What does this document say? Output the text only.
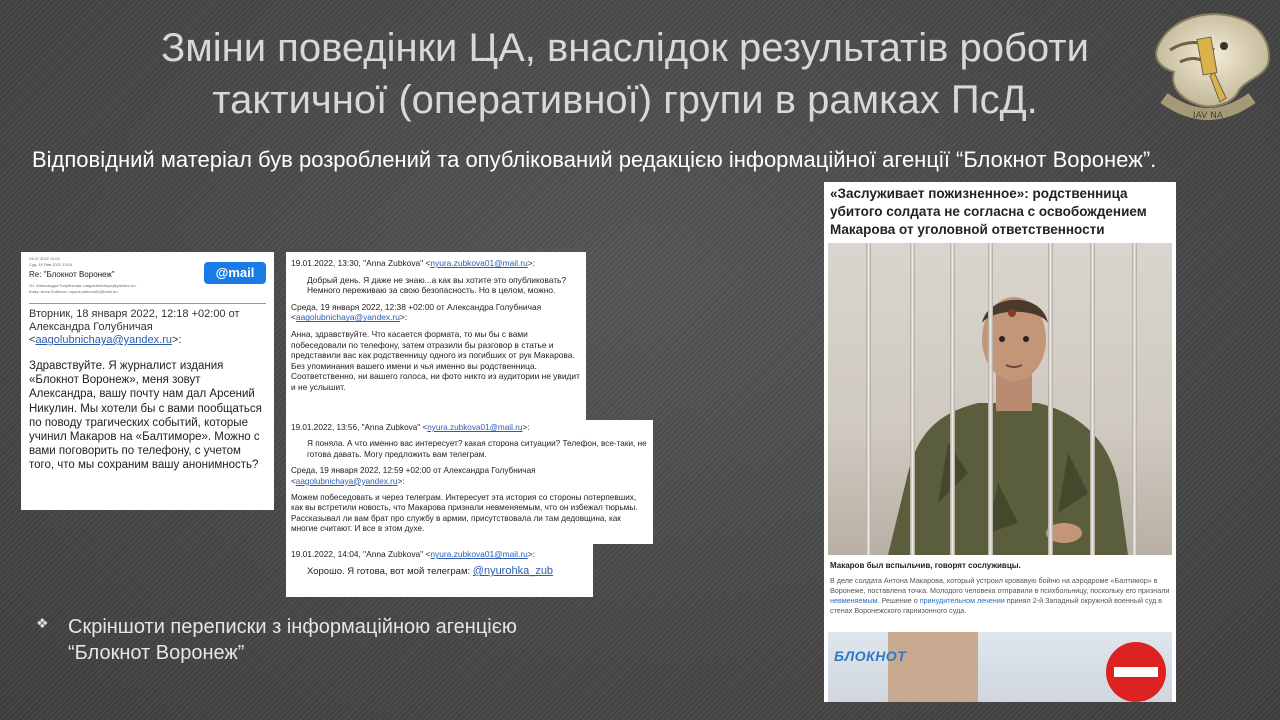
Зміни поведінки ЦА, внаслідок результатів роботи тактичної (оперативної) групи в рамках ПсД.	IAV NA
Відповідний матеріал був розроблений та опублікований редакцією інформаційної агенції “Блокнот Воронеж”.
24.07.2022 11:02
Суд, 19 Янв 2022 13:14
Re: "Блокнот Воронеж"
От: Александра Голубничая <aagolubnichaya@yandex.ru>
Кому: Anna Zubkova <nyura.zubkova01@mail.ru>
@mail
Вторник, 18 января 2022, 12:18 +02:00 от Александра Голубничая
<aagolubnichaya@yandex.ru>:
Здравствуйте. Я журналист издания «Блокнот Воронеж», меня зовут Александра, вашу почту нам дал Арсений Никулин. Мы хотели бы с вами пообщаться по поводу трагических событий, которые учинил Макаров на «Балтиморе». Можно с вами поговорить по телефону, с учетом того, что мы сохраним вашу анонимность?
19.01.2022, 13:30, "Anna Zubkova" <nyura.zubkova01@mail.ru>:
Добрый день. Я даже не знаю...а как вы хотите это опубликовать? Немного переживаю за свою безопасность. Но в целом, можно.
Среда, 19 января 2022, 12:38 +02:00 от Александра Голубничая
<aagolubnichaya@yandex.ru>:
Анна, здравствуйте. Что касается формата, то мы бы с вами побеседовали по телефону, затем отразили бы разговор в статье и представили вас как родственницу одного из погибших от рук Макарова. Без упоминания вашего имени и чья именно вы родственница. Соответственно, ни вашего голоса, ни фото никто из аудитории не увидит и не услышит.
19.01.2022, 13:56, "Anna Zubkova" <nyura.zubkova01@mail.ru>:
Я поняла. А что именно вас интересует? какая сторона ситуации? Телефон, все-таки, не готова давать. Могу предложить вам телеграм.
Среда, 19 января 2022, 12:59 +02:00 от Александра Голубничая
<aagolubnichaya@yandex.ru>:
Можем побеседовать и через телеграм. Интересует эта история со стороны потерпевших, как вы встретили новость, что Макарова признали невменяемым, что он избежал тюрьмы. Рассказывал ли вам брат про службу в армии, присутствовала ли там дедовщина, как многие считают. И все в этом духе.
19.01.2022, 14:04, "Anna Zubkova" <nyura.zubkova01@mail.ru>:
Хорошо. Я готова, вот мой телеграм: @nyurohka_zub
«Заслуживает пожизненное»: родственница убитого солдата не согласна с освобождением Макарова от уголовной ответственности
Макаров был вспыльчив, говорят сослуживцы.
В деле солдата Антона Макарова, который устроил кровавую бойню на аэродроме «Балтимор» в Воронеже, поставлена точка. Молодого человека отправили в психбольницу, поскольку его признали невменяемым. Решение о принудительном лечении принял 2-й Западный окружной военный суд в стенах Воронежского гарнизонного суда.
БЛОКНОТ
❖ Скріншоти переписки з інформаційною агенцією “Блокнот Воронеж”
